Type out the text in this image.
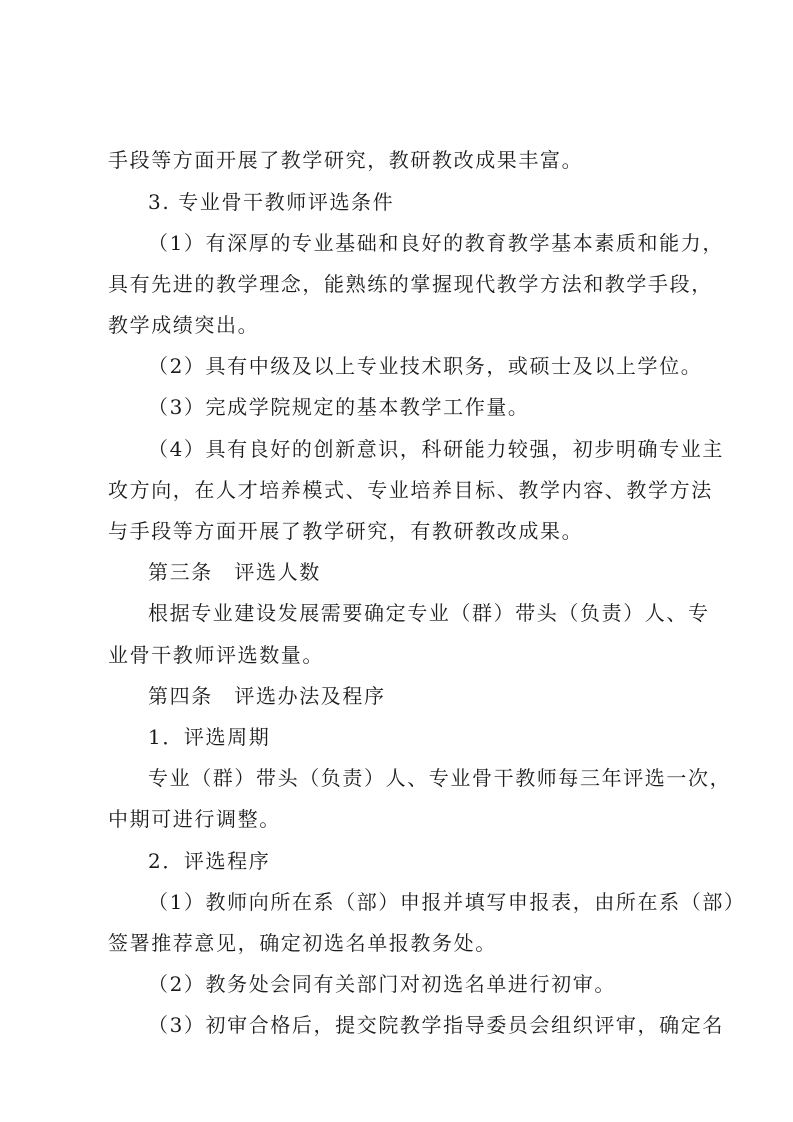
手段等方面开展了教学研究，教研教改成果丰富。
3. 专业骨干教师评选条件
（1）有深厚的专业基础和良好的教育教学基本素质和能力，
具有先进的教学理念，能熟练的掌握现代教学方法和教学手段，
教学成绩突出。
（2）具有中级及以上专业技术职务，或硕士及以上学位。
（3）完成学院规定的基本教学工作量。
（4）具有良好的创新意识，科研能力较强，初步明确专业主
攻方向，在人才培养模式、专业培养目标、教学内容、教学方法
与手段等方面开展了教学研究，有教研教改成果。
第三条　评选人数
根据专业建设发展需要确定专业（群）带头（负责）人、专
业骨干教师评选数量。
第四条　评选办法及程序
1．评选周期
专业（群）带头（负责）人、专业骨干教师每三年评选一次，
中期可进行调整。
2．评选程序
（1）教师向所在系（部）申报并填写申报表，由所在系（部）
签署推荐意见，确定初选名单报教务处。
（2）教务处会同有关部门对初选名单进行初审。
（3）初审合格后，提交院教学指导委员会组织评审，确定名
